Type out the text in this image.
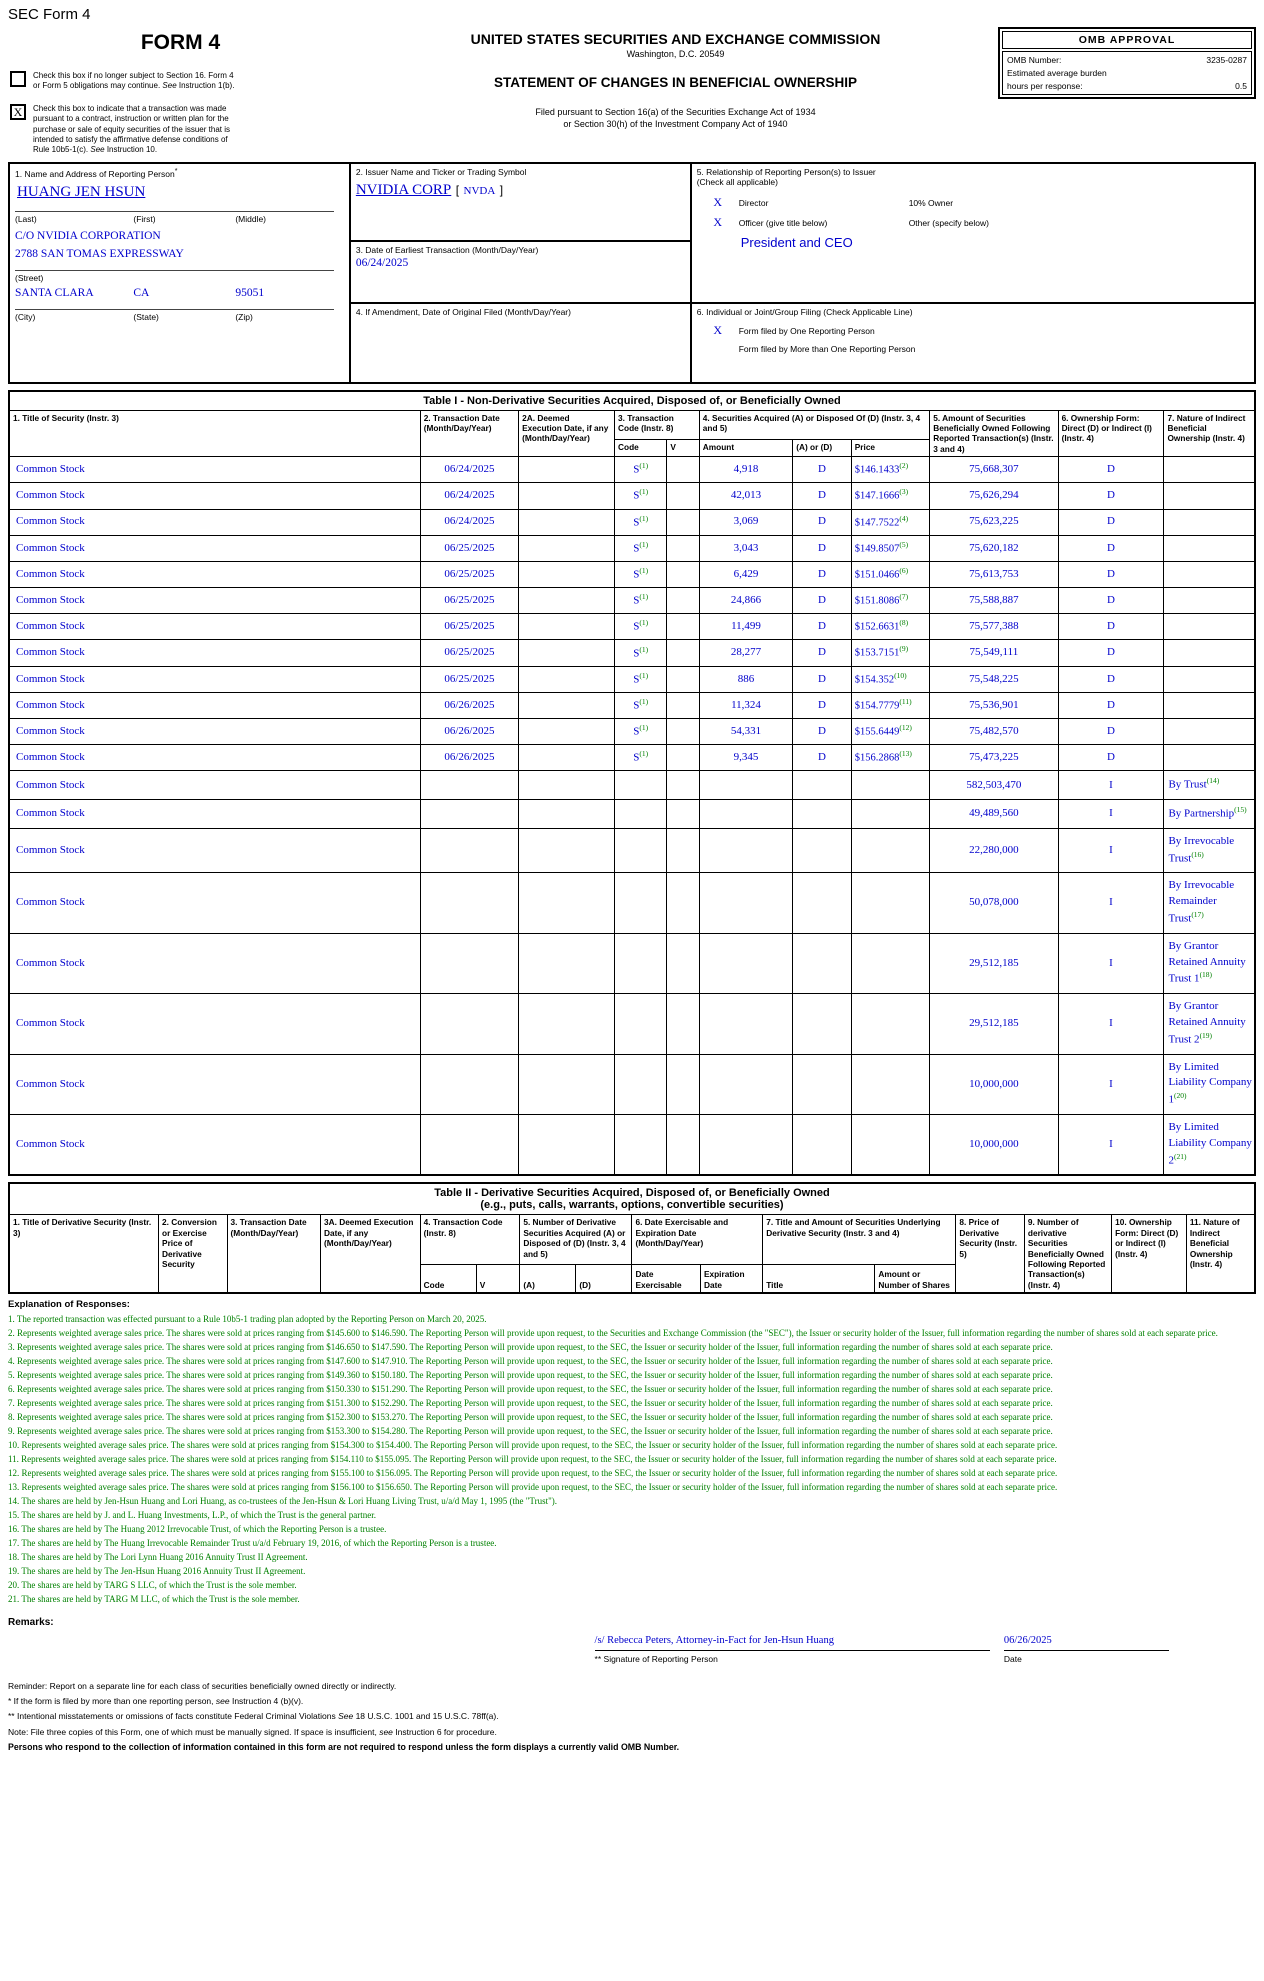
SEC Form 4
FORM 4
Check this box if no longer subject to Section 16. Form 4 or Form 5 obligations may continue. See Instruction 1(b).
X	Check this box to indicate that a transaction was made pursuant to a contract, instruction or written plan for the purchase or sale of equity securities of the issuer that is intended to satisfy the affirmative defense conditions of Rule 10b5-1(c). See Instruction 10.
UNITED STATES SECURITIES AND EXCHANGE COMMISSION
Washington, D.C. 20549
STATEMENT OF CHANGES IN BENEFICIAL OWNERSHIP
Filed pursuant to Section 16(a) of the Securities Exchange Act of 1934
or Section 30(h) of the Investment Company Act of 1940
OMB APPROVAL
OMB Number:	3235-0287
Estimated average burden
hours per response:	0.5
1. Name and Address of Reporting Person*
HUANG JEN HSUN
(Last)	(First)	(Middle)
C/O NVIDIA CORPORATION
2788 SAN TOMAS EXPRESSWAY
(Street)
SANTA CLARA	CA	95051
(City)	(State)	(Zip)
2. Issuer Name and Ticker or Trading Symbol
NVIDIA CORP [ NVDA ]
5. Relationship of Reporting Person(s) to Issuer
(Check all applicable)
X	Director	10% Owner
X	Officer (give title below)	Other (specify below)
President and CEO
3. Date of Earliest Transaction (Month/Day/Year)
06/24/2025
4. If Amendment, Date of Original Filed (Month/Day/Year)	6. Individual or Joint/Group Filing (Check Applicable Line)
X	Form filed by One Reporting Person
Form filed by More than One Reporting Person
Table I - Non-Derivative Securities Acquired, Disposed of, or Beneficially Owned										
1. Title of Security (Instr. 3)	2. Transaction Date (Month/Day/Year)	2A. Deemed Execution Date, if any (Month/Day/Year)	3. Transaction Code (Instr. 8)		4. Securities Acquired (A) or Disposed Of (D) (Instr. 3, 4 and 5)			5. Amount of Securities Beneficially Owned Following Reported Transaction(s) (Instr. 3 and 4)	6. Ownership Form: Direct (D) or Indirect (I) (Instr. 4)	7. Nature of Indirect Beneficial Ownership (Instr. 4)
			Code	V	Amount	(A) or (D)	Price			
Common Stock	06/24/2025		S$^{(1)}$		4,918	D	$146.1433$^{(2)}$	75,668,307	D	
Common Stock	06/24/2025		S$^{(1)}$		42,013	D	$147.1666$^{(3)}$	75,626,294	D	
Common Stock	06/24/2025		S$^{(1)}$		3,069	D	$147.7522$^{(4)}$	75,623,225	D	
Common Stock	06/25/2025		S$^{(1)}$		3,043	D	$149.8507$^{(5)}$	75,620,182	D	
Common Stock	06/25/2025		S$^{(1)}$		6,429	D	$151.0466$^{(6)}$	75,613,753	D	
Common Stock	06/25/2025		S$^{(1)}$		24,866	D	$151.8086$^{(7)}$	75,588,887	D	
Common Stock	06/25/2025		S$^{(1)}$		11,499	D	$152.6631$^{(8)}$	75,577,388	D	
Common Stock	06/25/2025		S$^{(1)}$		28,277	D	$153.7151$^{(9)}$	75,549,111	D	
Common Stock	06/25/2025		S$^{(1)}$		886	D	$154.352$^{(10)}$	75,548,225	D	
Common Stock	06/26/2025		S$^{(1)}$		11,324	D	$154.7779$^{(11)}$	75,536,901	D	
Common Stock	06/26/2025		S$^{(1)}$		54,331	D	$155.6449$^{(12)}$	75,482,570	D	
Common Stock	06/26/2025		S$^{(1)}$		9,345	D	$156.2868$^{(13)}$	75,473,225	D	
Common Stock								582,503,470	I	By Trust$^{(14)}$
Common Stock								49,489,560	I	By Partnership$^{(15)}$
Common Stock								22,280,000	I	By Irrevocable Trust$^{(16)}$
Common Stock								50,078,000	I	By Irrevocable Remainder Trust$^{(17)}$
Common Stock								29,512,185	I	By Grantor Retained Annuity Trust 1$^{(18)}$
Common Stock								29,512,185	I	By Grantor Retained Annuity Trust 2$^{(19)}$
Common Stock								10,000,000	I	By Limited Liability Company 1$^{(20)}$
Common Stock								10,000,000	I	By Limited Liability Company 2$^{(21)}$
Table II - Derivative Securities Acquired, Disposed of, or Beneficially Owned
(e.g., puts, calls, warrants, options, convertible securities)															

1. Title of Derivative Security (Instr. 3)	2. Conversion or Exercise Price of Derivative Security	3. Transaction Date (Month/Day/Year)	3A. Deemed Execution Date, if any (Month/Day/Year)	4. Transaction Code (Instr. 8)		5. Number of Derivative Securities Acquired (A) or Disposed of (D) (Instr. 3, 4 and 5)		6. Date Exercisable and Expiration Date (Month/Day/Year)		7. Title and Amount of Securities Underlying Derivative Security (Instr. 3 and 4)		8. Price of Derivative Security (Instr. 5)	9. Number of derivative Securities Beneficially Owned Following Reported Transaction(s) (Instr. 4)	10. Ownership Form: Direct (D) or Indirect (I) (Instr. 4)	11. Nature of Indirect Beneficial Ownership (Instr. 4)
				Code	V	(A)	(D)	Date Exercisable	Expiration Date	Title	Amount or Number of Shares				
Explanation of Responses:
1. The reported transaction was effected pursuant to a Rule 10b5-1 trading plan adopted by the Reporting Person on March 20, 2025.
2. Represents weighted average sales price. The shares were sold at prices ranging from $145.600 to $146.590. The Reporting Person will provide upon request, to the Securities and Exchange Commission (the "SEC"), the Issuer or security holder of the Issuer, full information regarding the number of shares sold at each separate price.
3. Represents weighted average sales price. The shares were sold at prices ranging from $146.650 to $147.590. The Reporting Person will provide upon request, to the SEC, the Issuer or security holder of the Issuer, full information regarding the number of shares sold at each separate price.
4. Represents weighted average sales price. The shares were sold at prices ranging from $147.600 to $147.910. The Reporting Person will provide upon request, to the SEC, the Issuer or security holder of the Issuer, full information regarding the number of shares sold at each separate price.
5. Represents weighted average sales price. The shares were sold at prices ranging from $149.360 to $150.180. The Reporting Person will provide upon request, to the SEC, the Issuer or security holder of the Issuer, full information regarding the number of shares sold at each separate price.
6. Represents weighted average sales price. The shares were sold at prices ranging from $150.330 to $151.290. The Reporting Person will provide upon request, to the SEC, the Issuer or security holder of the Issuer, full information regarding the number of shares sold at each separate price.
7. Represents weighted average sales price. The shares were sold at prices ranging from $151.300 to $152.290. The Reporting Person will provide upon request, to the SEC, the Issuer or security holder of the Issuer, full information regarding the number of shares sold at each separate price.
8. Represents weighted average sales price. The shares were sold at prices ranging from $152.300 to $153.270. The Reporting Person will provide upon request, to the SEC, the Issuer or security holder of the Issuer, full information regarding the number of shares sold at each separate price.
9. Represents weighted average sales price. The shares were sold at prices ranging from $153.300 to $154.280. The Reporting Person will provide upon request, to the SEC, the Issuer or security holder of the Issuer, full information regarding the number of shares sold at each separate price.
10. Represents weighted average sales price. The shares were sold at prices ranging from $154.300 to $154.400. The Reporting Person will provide upon request, to the SEC, the Issuer or security holder of the Issuer, full information regarding the number of shares sold at each separate price.
11. Represents weighted average sales price. The shares were sold at prices ranging from $154.110 to $155.095. The Reporting Person will provide upon request, to the SEC, the Issuer or security holder of the Issuer, full information regarding the number of shares sold at each separate price.
12. Represents weighted average sales price. The shares were sold at prices ranging from $155.100 to $156.095. The Reporting Person will provide upon request, to the SEC, the Issuer or security holder of the Issuer, full information regarding the number of shares sold at each separate price.
13. Represents weighted average sales price. The shares were sold at prices ranging from $156.100 to $156.650. The Reporting Person will provide upon request, to the SEC, the Issuer or security holder of the Issuer, full information regarding the number of shares sold at each separate price.
14. The shares are held by Jen-Hsun Huang and Lori Huang, as co-trustees of the Jen-Hsun & Lori Huang Living Trust, u/a/d May 1, 1995 (the "Trust").
15. The shares are held by J. and L. Huang Investments, L.P., of which the Trust is the general partner.
16. The shares are held by The Huang 2012 Irrevocable Trust, of which the Reporting Person is a trustee.
17. The shares are held by The Huang Irrevocable Remainder Trust u/a/d February 19, 2016, of which the Reporting Person is a trustee.
18. The shares are held by The Lori Lynn Huang 2016 Annuity Trust II Agreement.
19. The shares are held by The Jen-Hsun Huang 2016 Annuity Trust II Agreement.
20. The shares are held by TARG S LLC, of which the Trust is the sole member.
21. The shares are held by TARG M LLC, of which the Trust is the sole member.
Remarks:
/s/ Rebecca Peters, Attorney-in-Fact for Jen-Hsun Huang	06/26/2025
** Signature of Reporting Person	Date
Reminder: Report on a separate line for each class of securities beneficially owned directly or indirectly.
* If the form is filed by more than one reporting person, see Instruction 4 (b)(v).
** Intentional misstatements or omissions of facts constitute Federal Criminal Violations See 18 U.S.C. 1001 and 15 U.S.C. 78ff(a).
Note: File three copies of this Form, one of which must be manually signed. If space is insufficient, see Instruction 6 for procedure.
Persons who respond to the collection of information contained in this form are not required to respond unless the form displays a currently valid OMB Number.
